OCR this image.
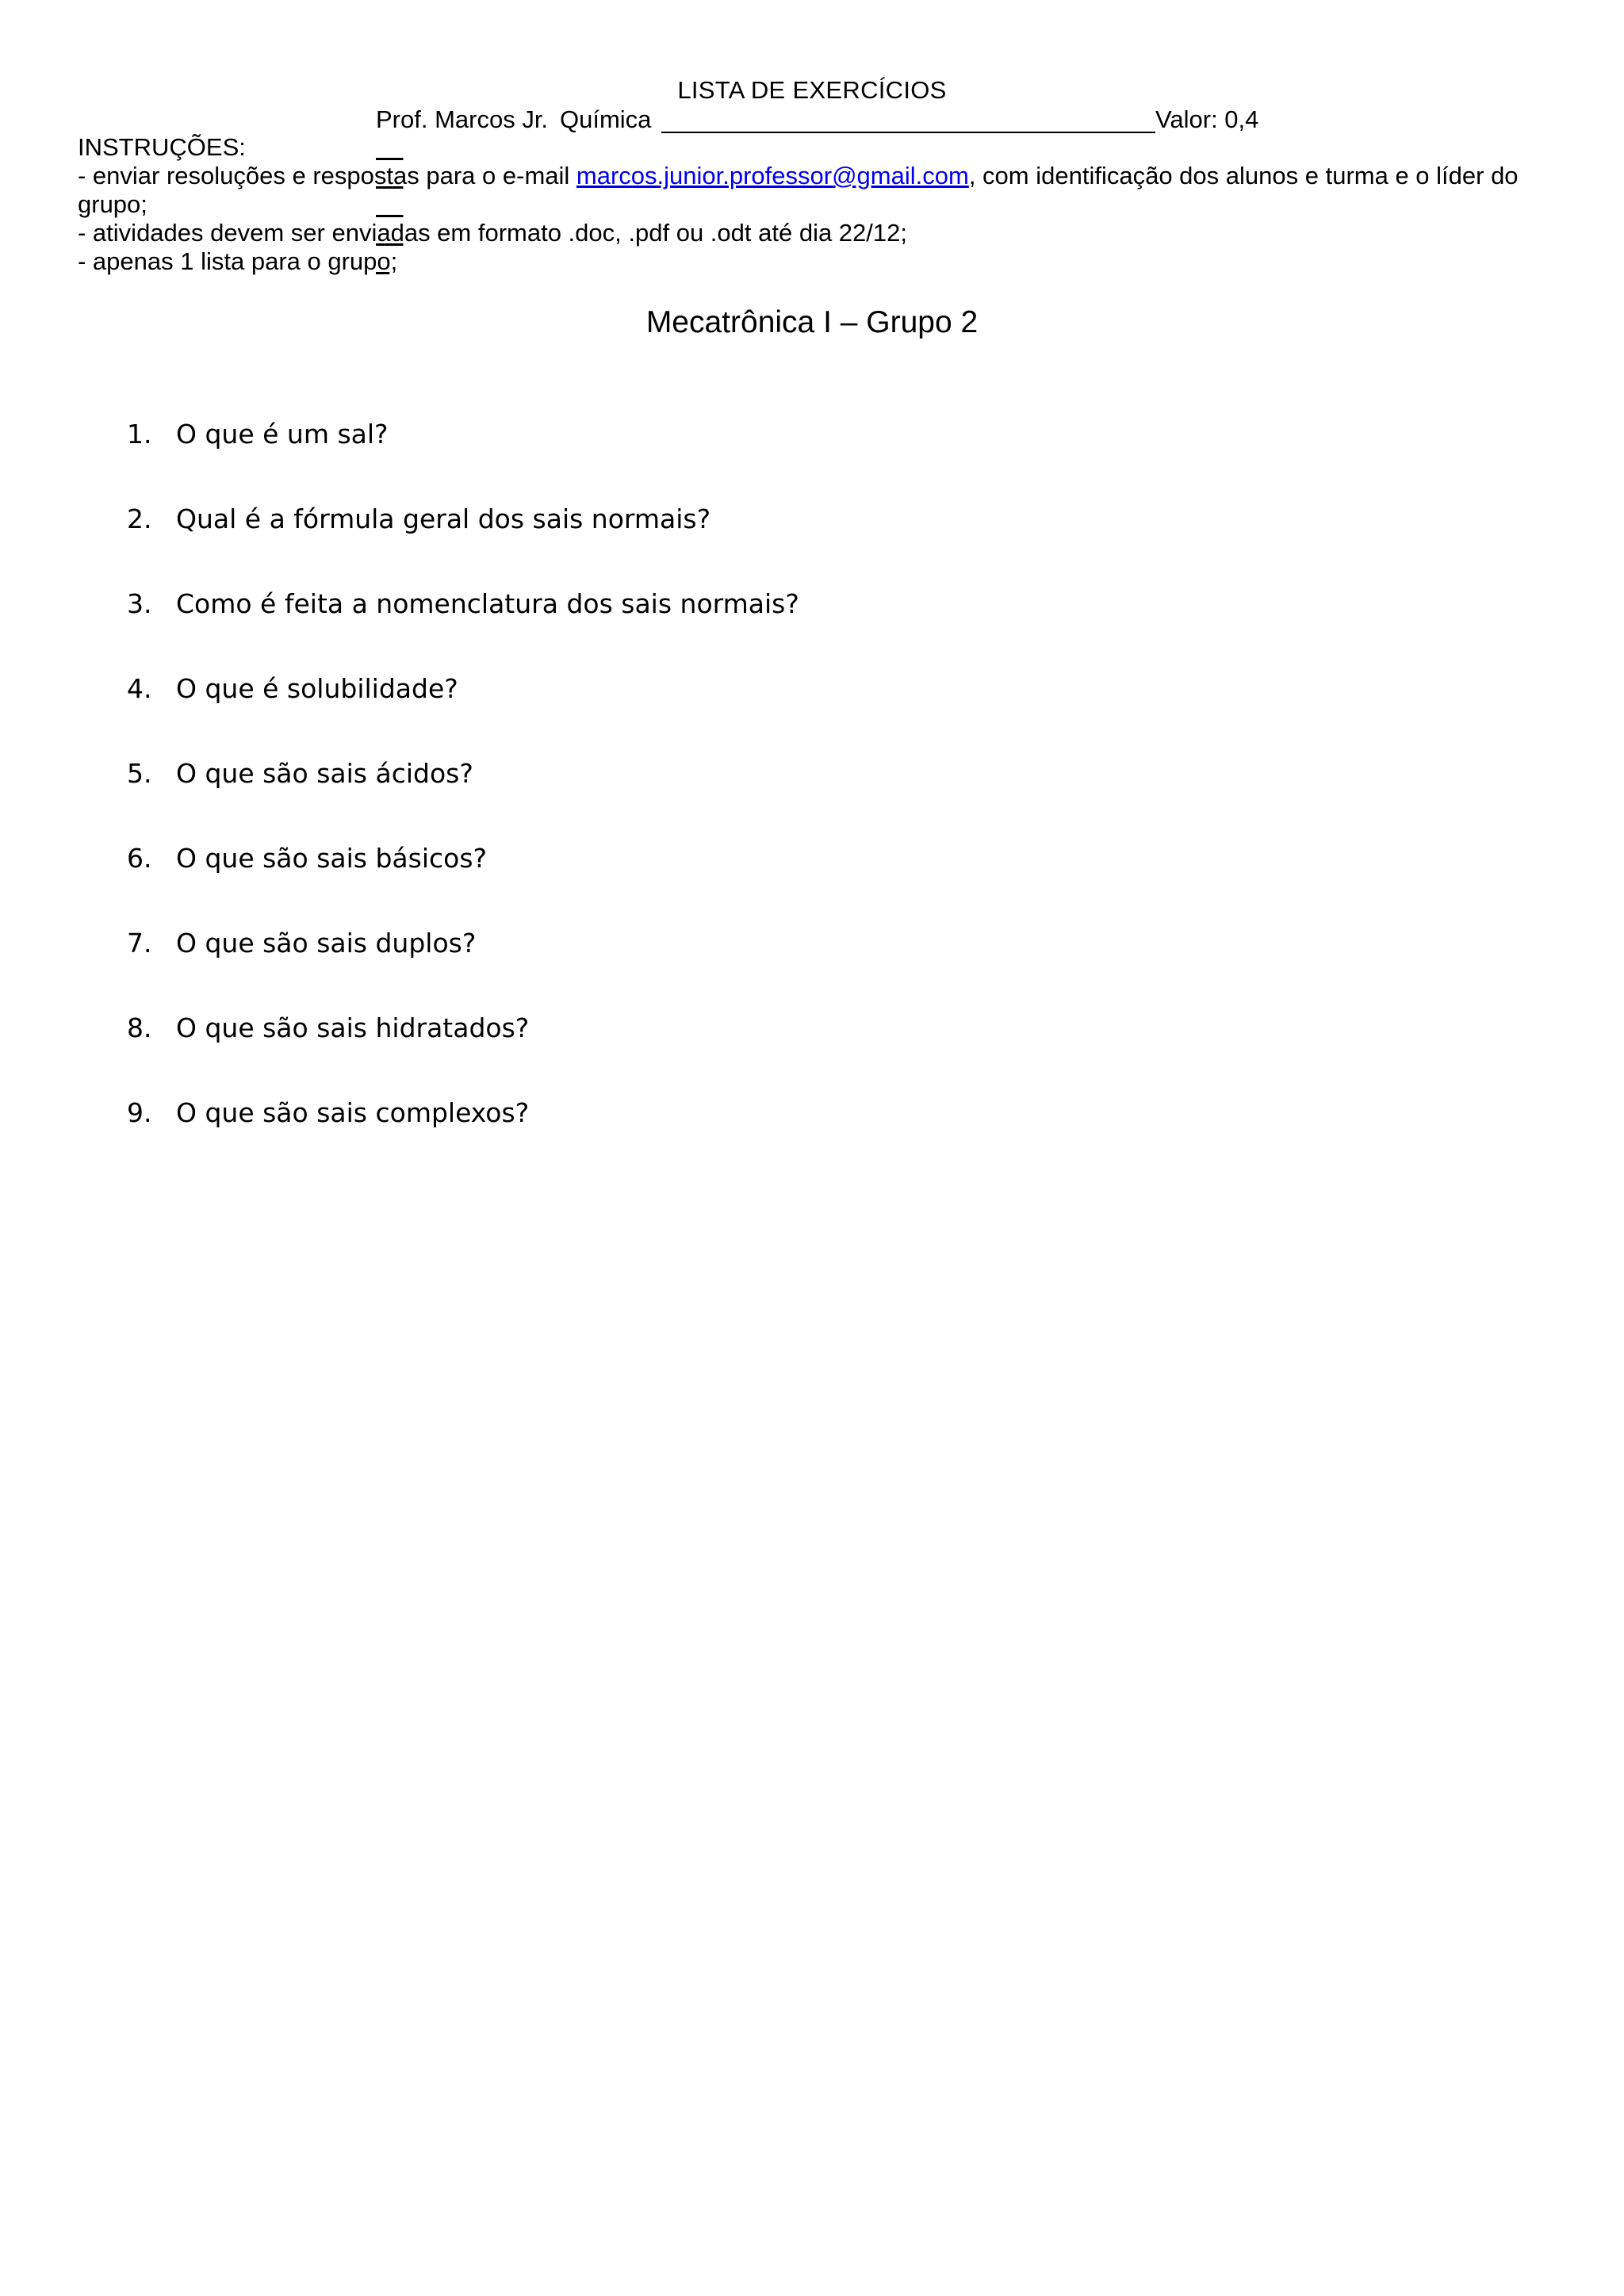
LISTA DE EXERCÍCIOS

Prof. Marcos Jr.

Química

	Valor: 0,4

INSTRUÇÕES:

- enviar resoluções e respostas para o e-mail marcos.junior.professor@gmail.com, com identificação dos alunos e turma e o líder do grupo;

- atividades devem ser enviadas em formato .doc, .pdf ou .odt até dia 22/12;

- apenas 1 lista para o grupo;

Mecatrônica I – Grupo 2
1. O que é um sal?
2. Qual é a fórmula geral dos sais normais?
3. Como é feita a nomenclatura dos sais normais?
4. O que é solubilidade?
5. O que são sais ácidos?
6. O que são sais básicos?
7. O que são sais duplos?
8. O que são sais hidratados?
9. O que são sais complexos?
